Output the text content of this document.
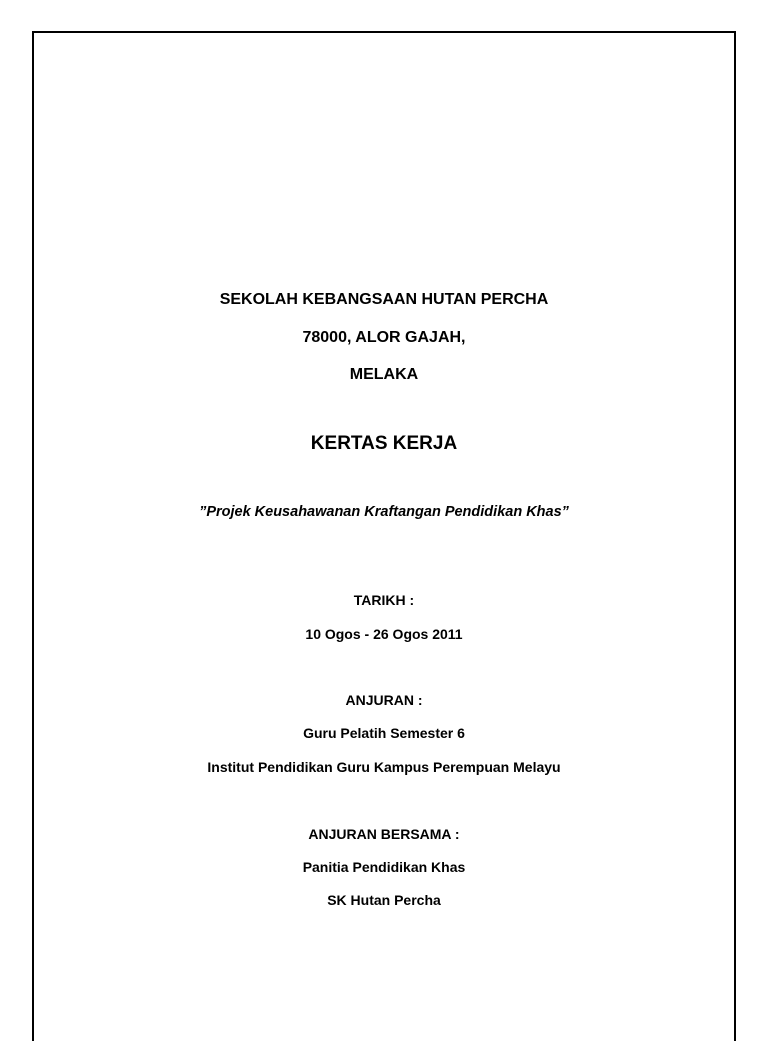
SEKOLAH KEBANGSAAN HUTAN PERCHA
78000, ALOR GAJAH,
MELAKA
KERTAS KERJA
”Projek Keusahawanan Kraftangan Pendidikan Khas”
TARIKH :
10 Ogos - 26 Ogos 2011
ANJURAN :
Guru Pelatih Semester 6
Institut Pendidikan Guru Kampus Perempuan Melayu
ANJURAN BERSAMA :
Panitia Pendidikan Khas
SK Hutan Percha
